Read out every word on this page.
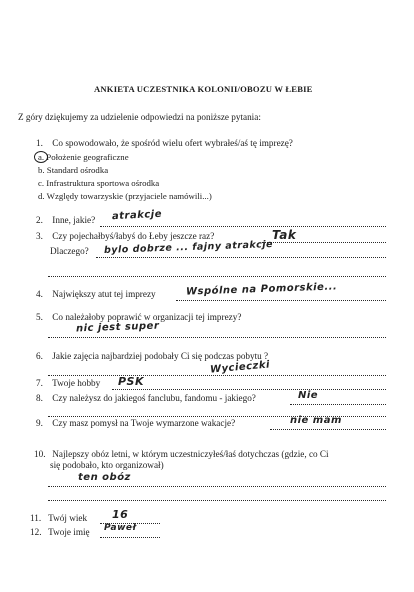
ANKIETA UCZESTNIKA KOLONII/OBOZU W ŁEBIE
Z góry dziękujemy za udzielenie odpowiedzi na poniższe pytania:
1. Co spowodowało, że spośród wielu ofert wybrałeś/aś tę imprezę?
a. Położenie geograficzne
b. Standard ośrodka
c. Infrastruktura sportowa ośrodka
d. Względy towarzyskie (przyjaciele namówili...)
2. Inne, jakie? atrakcje
3. Czy pojechałbyś/łabyś do Łeby jeszcze raz?	Tak
Dlaczego? bylo dobrze ... fajny atrakcje
4. Największy atut tej imprezy	Wspólne na Pomorskie...
5. Co należałoby poprawić w organizacji tej imprezy?
nic jest super
6. Jakie zajęcia najbardziej podobały Ci się podczas pobytu ?
Wycieczki
7. Twoje hobby PSK
8. Czy należysz do jakiegoś fanclubu, fandomu - jakiego?	Nie
9. Czy masz pomysł na Twoje wymarzone wakacje?	nie mam
10. Najlepszy obóz letni, w którym uczestniczyłeś/łaś dotychczas (gdzie, co Ci
się podobało, kto organizował)
ten obóz
11. Twój wiek 16
12. Twoje imię Paweł
